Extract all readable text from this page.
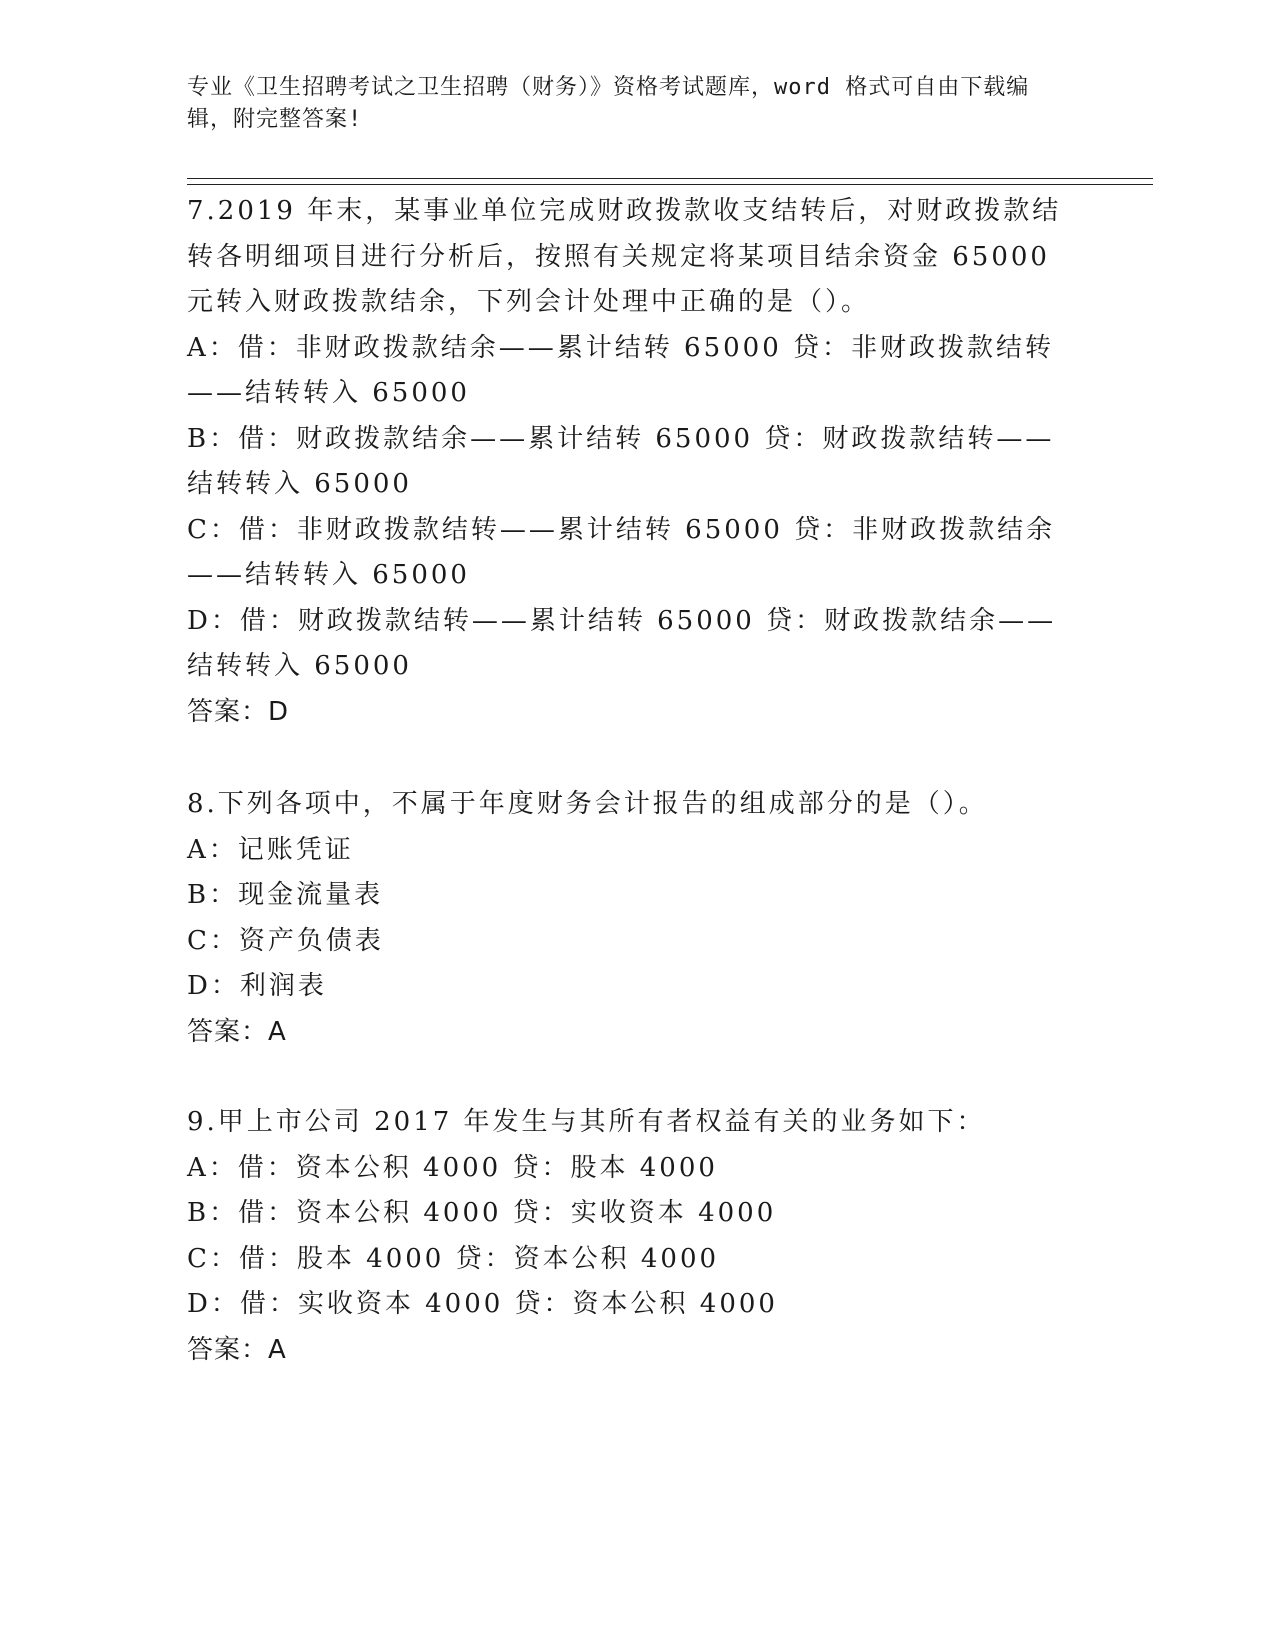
专业《卫生招聘考试之卫生招聘（财务）》资格考试题库，word 格式可自由下载编辑，附完整答案!

7.2019 年末，某事业单位完成财政拨款收支结转后，对财政拨款结转各明细项目进行分析后，按照有关规定将某项目结余资金 65000 元转入财政拨款结余，下列会计处理中正确的是（）。

A：借：非财政拨款结余——累计结转 65000 贷：非财政拨款结转——结转转入 65000

B：借：财政拨款结余——累计结转 65000 贷：财政拨款结转——结转转入 65000

C：借：非财政拨款结转——累计结转 65000 贷：非财政拨款结余——结转转入 65000

D：借：财政拨款结转——累计结转 65000 贷：财政拨款结余——结转转入 65000

答案：D

8.下列各项中，不属于年度财务会计报告的组成部分的是（）。

A：记账凭证

B：现金流量表

C：资产负债表

D：利润表

答案：A

9.甲上市公司 2017 年发生与其所有者权益有关的业务如下：

A：借：资本公积 4000 贷：股本 4000

B：借：资本公积 4000 贷：实收资本 4000

C：借：股本 4000 贷：资本公积 4000

D：借：实收资本 4000 贷：资本公积 4000

答案：A
